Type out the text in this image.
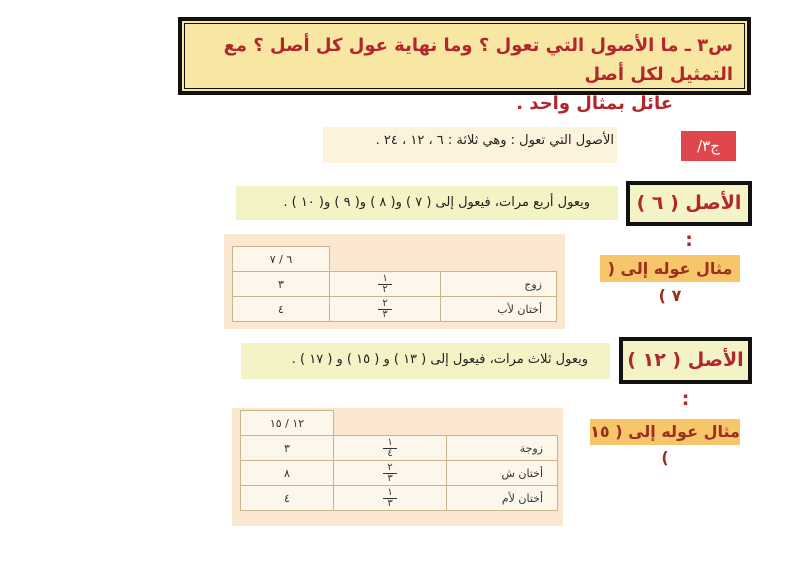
س٣ ـ ما الأصول التي تعول ؟ وما نهاية عول كل أصل ؟ مع التمثيل لكل أصل
عائل بمثال واحد .
ج٣/
الأصول التي تعول : وهي ثلاثة : ٦ ، ١٢ ، ٢٤ .
ويعول أربع مرات، فيعول إلى ( ٧ ) و( ٨ ) و( ٩ ) و( ١٠ ) .	الأصل ( ٦ ) :
مثال عوله إلى ( ٧ )
٦ / ٧		
٣	$\frac{١}{٢}$	زوج
٤	$\frac{٢}{٣}$	أختان لأب
ويعول ثلاث مرات، فيعول إلى ( ١٣ ) و ( ١٥ ) و ( ١٧ ) .	الأصل ( ١٢ ) :
مثال عوله إلى ( ١٥ )
١٢ / ١٥		
٣	$\frac{١}{٤}$	زوجة
٨	$\frac{٢}{٣}$	أختان ش
٤	$\frac{١}{٣}$	أختان لأم
